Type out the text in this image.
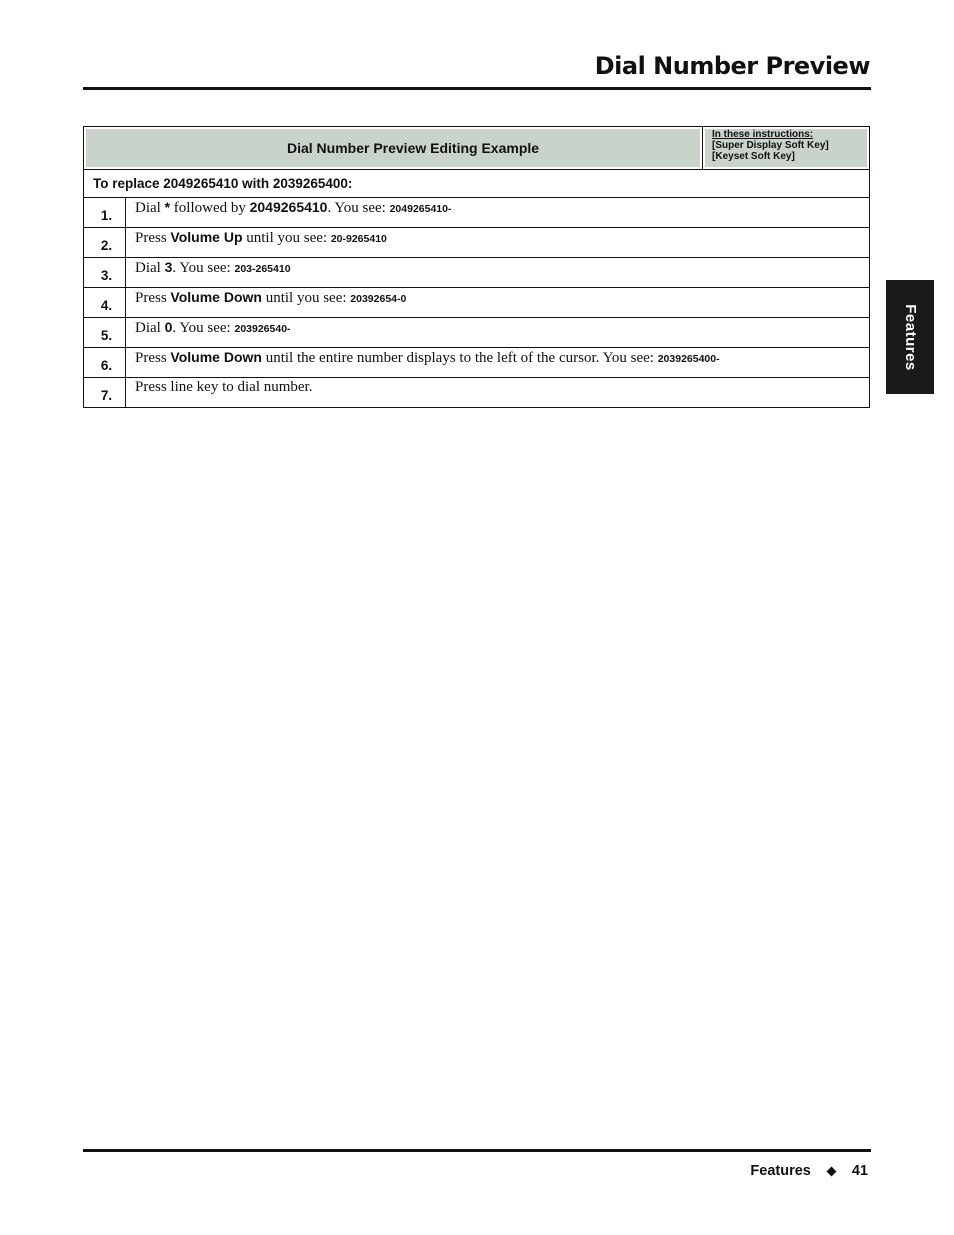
Dial Number Preview
Features
Dial Number Preview Editing Example		In these instructions:
[Super Display Soft Key]
[Keyset Soft Key]

To replace 2049265410 with 2039265400:		
1.	Dial * followed by 2049265410. You see: 2049265410-	
2.	Press Volume Up until you see: 20-9265410	
3.	Dial 3. You see: 203-265410	
4.	Press Volume Down until you see: 20392654-0	
5.	Dial 0. You see: 203926540-	
6.	Press Volume Down until the entire number displays to the left of the cursor. You see: 2039265400-	
7.	Press line key to dial number.	
Features	41
